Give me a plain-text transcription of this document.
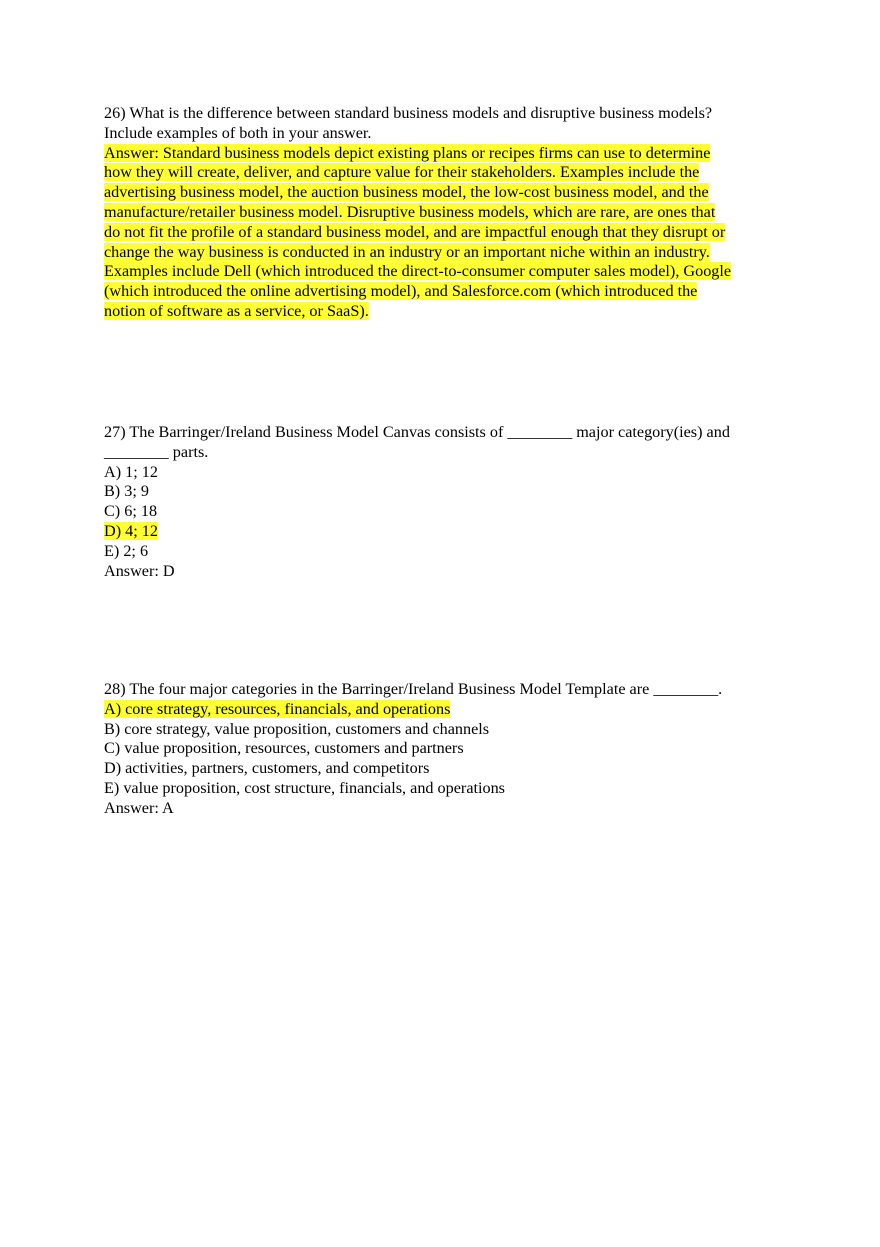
26) What is the difference between standard business models and disruptive business models?
Include examples of both in your answer.
Answer: Standard business models depict existing plans or recipes firms can use to determine
how they will create, deliver, and capture value for their stakeholders. Examples include the
advertising business model, the auction business model, the low-cost business model, and the
manufacture/retailer business model. Disruptive business models, which are rare, are ones that
do not fit the profile of a standard business model, and are impactful enough that they disrupt or
change the way business is conducted in an industry or an important niche within an industry.
Examples include Dell (which introduced the direct-to-consumer computer sales model), Google
(which introduced the online advertising model), and Salesforce.com (which introduced the
notion of software as a service, or SaaS).
27) The Barringer/Ireland Business Model Canvas consists of ________ major category(ies) and
________ parts.
A) 1; 12
B) 3; 9
C) 6; 18
D) 4; 12
E) 2; 6
Answer: D
28) The four major categories in the Barringer/Ireland Business Model Template are ________.
A) core strategy, resources, financials, and operations
B) core strategy, value proposition, customers and channels
C) value proposition, resources, customers and partners
D) activities, partners, customers, and competitors
E) value proposition, cost structure, financials, and operations
Answer: A
